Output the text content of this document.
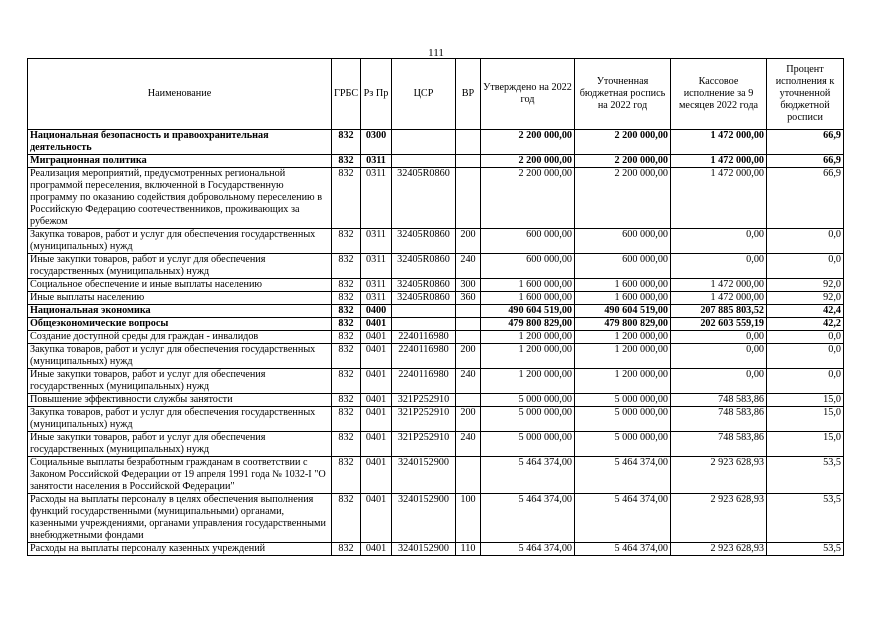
111
Наименование	ГРБС	Рз Пр	ЦСР	ВР	Утверждено на 2022 год	Уточненная бюджетная роспись на 2022 год	Кассовое исполнение за 9 месяцев 2022 года	Процент исполнения к уточненной бюджетной росписи
Национальная безопасность и правоохранительная деятельность	832	0300			2 200 000,00	2 200 000,00	1 472 000,00	66,9
Миграционная политика	832	0311			2 200 000,00	2 200 000,00	1 472 000,00	66,9
Реализация мероприятий, предусмотренных региональной программой переселения, включенной в Государственную программу по оказанию содействия добровольному переселению в Российскую Федерацию соотечественников, проживающих за рубежом	832	0311	32405R0860		2 200 000,00	2 200 000,00	1 472 000,00	66,9
Закупка товаров, работ и услуг для обеспечения государственных (муниципальных) нужд	832	0311	32405R0860	200	600 000,00	600 000,00	0,00	0,0
Иные закупки товаров, работ и услуг для обеспечения государственных (муниципальных) нужд	832	0311	32405R0860	240	600 000,00	600 000,00	0,00	0,0
Социальное обеспечение и иные выплаты населению	832	0311	32405R0860	300	1 600 000,00	1 600 000,00	1 472 000,00	92,0
Иные выплаты населению	832	0311	32405R0860	360	1 600 000,00	1 600 000,00	1 472 000,00	92,0
Национальная экономика	832	0400			490 604 519,00	490 604 519,00	207 885 803,52	42,4
Общеэкономические вопросы	832	0401			479 800 829,00	479 800 829,00	202 603 559,19	42,2
Создание доступной среды для граждан - инвалидов	832	0401	2240116980		1 200 000,00	1 200 000,00	0,00	0,0
Закупка товаров, работ и услуг для обеспечения государственных (муниципальных) нужд	832	0401	2240116980	200	1 200 000,00	1 200 000,00	0,00	0,0
Иные закупки товаров, работ и услуг для обеспечения государственных (муниципальных) нужд	832	0401	2240116980	240	1 200 000,00	1 200 000,00	0,00	0,0
Повышение эффективности службы занятости	832	0401	321P252910		5 000 000,00	5 000 000,00	748 583,86	15,0
Закупка товаров, работ и услуг для обеспечения государственных (муниципальных) нужд	832	0401	321P252910	200	5 000 000,00	5 000 000,00	748 583,86	15,0
Иные закупки товаров, работ и услуг для обеспечения государственных (муниципальных) нужд	832	0401	321P252910	240	5 000 000,00	5 000 000,00	748 583,86	15,0
Социальные выплаты безработным гражданам в соответствии с Законом Российской Федерации от 19 апреля 1991 года № 1032-I "О занятости населения в Российской Федерации"	832	0401	3240152900		5 464 374,00	5 464 374,00	2 923 628,93	53,5
Расходы на выплаты персоналу в целях обеспечения выполнения функций государственными (муниципальными) органами, казенными учреждениями, органами управления государственными внебюджетными фондами	832	0401	3240152900	100	5 464 374,00	5 464 374,00	2 923 628,93	53,5
Расходы на выплаты персоналу казенных учреждений	832	0401	3240152900	110	5 464 374,00	5 464 374,00	2 923 628,93	53,5
